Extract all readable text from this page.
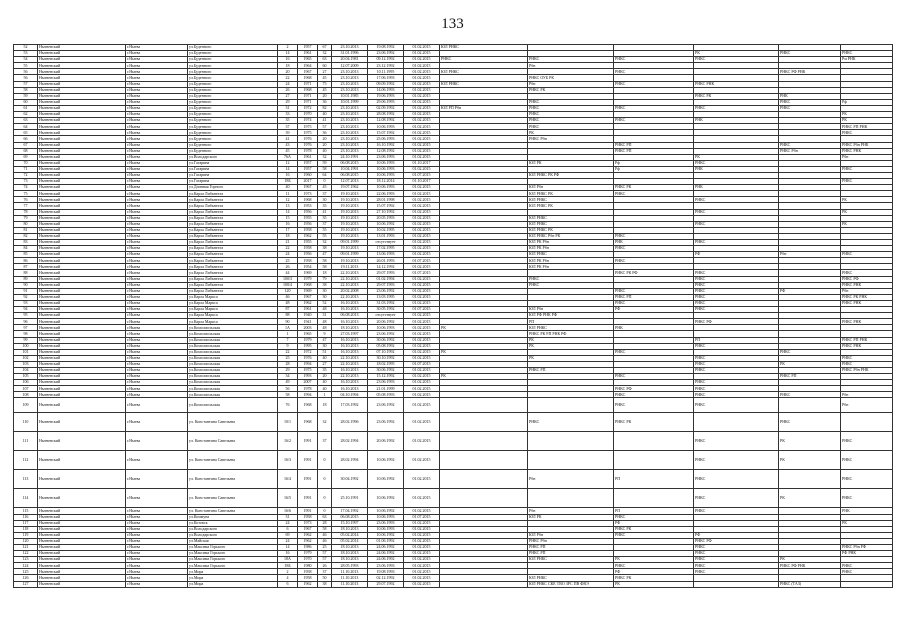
133
52	Нытвенский	г.Нытва	ул.Буденного	2	1957	67	23.10.2013	19.08.1992	01.02.2015	ЮЛ РНКС					
53	Нытвенский	г.Нытва	ул.Буденного	14	1961	32	31.01.1996	23.06.1992	01.02.2015				РК	РНКС	РНКС
54	Нытвенский	г.Нытва	ул.Буденного	16	1965	63	20.04.1981	09.12.1992	01.02.2015	РНКС	РНКС	РНКС	РНКС		Рм РНК
55	Нытвенский	г.Нытва	ул.Буденного	18	1964	60	12.07.2009	23.12.1992	01.02.2015		Рбн				
56	Нытвенский	г.Нытва	ул.Буденного	20	1967	27	23.10.2013	10.11.1995	01.02.2015	ЮЛ РНКС		РНКС		РНКС РФ РНК	
56	Нытвенский	г.Нытва	ул.Буденного	22	1968	45	23.10.2013	17.06.1993	01.02.2015		РНКС ОУБ РК				
57	Нытвенский	г.Нытва	ул.Буденного	24	1971	75	23.10.2013	09.09.1992	01.02.2015	ЮЛ РНКС	Рбн	РНКС	РНКС РНК		
58	Нытвенский	г.Нытва	ул.Буденного	26	1968	45	23.10.2013	14.06.1993	01.02.2015		РНКС РК				
59	Нытвенский	г.Нытва	ул.Буденного	27	1971	20	10.01.1985	19.06.1993	01.02.2015				РНКС РК	РНК	
60	Нытвенский	г.Нытва	ул.Буденного	29	1971	36	10.01.1999	29.06.1993	01.02.2015		РНКС			РНКС	Рф
61	Нытвенский	г.Нытва	ул.Буденного	31	1972	82	23.10.2013	02.09.1992	01.02.2015	ЮЛ РП Рбн	РНКС	РНКС	РНКС	РНКС	
62	Нытвенский	г.Нытва	ул.Буденного	33	1970	40	23.10.2013	28.08.1992	01.02.2015		РНКС				РК
63	Нытвенский	г.Нытва	ул.Буденного	35	1974	41	23.10.2013	12.08.1992	01.02.2015		РНКС	РНКС	РНК		РК
64	Нытвенский	г.Нытва	ул.Буденного	37	1975	57	23.10.2013	10.06.1993	01.02.2015		РНКС				РНКС РП РНК
65	Нытвенский	г.Нытва	ул.Буденного	39	1975	36	23.10.2013	15.07.1992	01.02.2015		РК				РНКС
66	Нытвенский	г.Нытва	ул.Буденного	41	1976	20	23.10.2013	25.06.1993	01.02.2015		РНКС Рбн				
67	Нытвенский	г.Нытва	ул.Буденного	43	1976	20	23.10.2013	16.10.1992	01.02.2015			РНКС РП		РНКС	РНКС Рбн РНК
68	Нытвенский	г.Нытва	ул.Буденного	45	1978	40	23.10.2013	12.08.1992	01.02.2015			РНКС РП		РНКС Рбн	РНКС РНК
69	Нытвенский	г.Нытва	ул.Володарского	76А	1961	32	24.10.1991	23.06.1993	01.02.2015				РК		Рбн
70	Нытвенский	г.Нытва	ул.Гагарина	12	1957	59	06.08.2015	10.06.1993	01.10.2017		ЮЛ РК	Рф	РНКС		
71	Нытвенский	г.Нытва	ул.Гагарина	14	1957	58	10.04.1991	10.06.1993	01.02.2015			Рф	РНК		РНКС
72	Нытвенский	г.Нытва	ул.Гагарина	16	1960	64	06.08.2015	10.06.1993	01.07.2015		ЮЛ РНКС РК РФ				
73	Нытвенский	г.Нытва	ул.Гагарина	18Б	2017	0	12.07.2013	18.12.2014	01.10.2017						РНКС
74	Нытвенский	г.Нытва	ул.Длинная Горного	40	1967	45	19.07.1962	10.06.1993	01.02.2015		ЮЛ Рбн	РНКС РК	РНК		
75	Нытвенский	г.Нытва	ул.Карла Либкнехта	11	1973	37	19.10.2013	22.06.1993	01.02.2015		ЮЛ РНКС РК	РНКС			
76	Нытвенский	г.Нытва	ул.Карла Либкнехта	12	1968	30	19.10.2013	28.01.1998	01.02.2015		ЮЛ РНКС		РНКС		РК
77	Нытвенский	г.Нытва	ул.Карла Либкнехта	13	1953	35	19.10.2013	15.07.1992	01.02.2015		ЮЛ РНКС РК				
78	Нытвенский	г.Нытва	ул.Карла Либкнехта	14	1956	41	19.10.2013	27.10.1992	01.02.2015				РНКС		РК
79	Нытвенский	г.Нытва	ул.Карла Либкнехта	15	1955	35	19.10.2013	20.05.1993	01.02.2015		ЮЛ РНКС				
80	Нытвенский	г.Нытва	ул.Карла Либкнехта	16	1956	37	19.10.2013	10.06.1992	01.02.2015		ЮЛ РНКС		РНКС		РК
81	Нытвенский	г.Нытва	ул.Карла Либкнехта	17	1958	55	19.10.2013	10.02.1995	01.02.2015		ЮЛ РНКС РК				
82	Нытвенский	г.Нытва	ул.Карла Либкнехта	18	1962	55	19.10.2013	13.01.1993	01.02.2015		ЮЛ РНКС Рбн РК	РНКС			
83	Нытвенский	г.Нытва	ул.Карла Либкнехта	21	1955	32	09.01.1999	отсутствует	01.02.2015		ЮЛ РК Рбн	РНК	РНКС		
84	Нытвенский	г.Нытва	ул.Карла Либкнехта	22	1958	38	19.10.2013	17.02.1995	01.02.2015		ЮЛ РК Рбн	РНКС			
85	Нытвенский	г.Нытва	ул.Карла Либкнехта	24	1956	47	09.01.1999	13.06.1993	01.02.2015		ЮЛ РНКС		РФ	Рбн	РНКС
86	Нытвенский	г.Нытва	ул.Карла Либкнехта	25	1958	58	19.10.2013	26.01.1993	01.07.2015		ЮЛ РК Рбн	РНКС			
87	Нытвенский	г.Нытва	ул.Карла Либкнехта	26	1954	58	19.11.2013	14.12.1992	01.02.2015		ЮЛ РК Рбн				
88	Нытвенский	г.Нытва	ул.Карла Либкнехта	44	1969	18	22.10.2013	29.07.1993	01.07.2015			РНКС РК РФ	РНКС		РНКС
89	Нытвенский	г.Нытва	ул.Карла Либкнехта	100/3	1979	79	22.10.2013	01.02.1994	01.02.2015		РНКС		РНКС		РНКС РФ
90	Нытвенский	г.Нытва	ул.Карла Либкнехта	100/4	1968	38	22.10.2013	29.07.1993	01.02.2015		РНКС		РНКС		РНКС РНК
91	Нытвенский	г.Нытва	ул.Карла Либкнехта	120	1969	30	20.02.2008	23.06.1992	01.02.2015			РНКС	РНКС	РФ	Рбн
92	Нытвенский	г.Нытва	ул.Карла Маркса	46	1967	30	22.10.2013	13.03.1995	01.02.2015			РНКС РП	РНКС		РНКС РК РНК
93	Нытвенский	г.Нытва	ул.Карла Маркса	48	1962	52	16.10.2013	31.03.1992	01.02.2015			РНКС	РНКС		РНКС РНК
94	Нытвенский	г.Нытва	ул.Карла Маркса	87	1961	48	16.10.2013	30.05.1992	01.07.2015		ЮЛ Рбн	РФ	РНКС		
95	Нытвенский	г.Нытва	ул.Карла Маркса	88	1940	31	06.08.2013	отсутствует	01.02.2015		ЮЛ РФ РНК РФ				
96	Нытвенский	г.Нытва	ул.Карла Маркса	90	1941	48	16.10.2013	20.06.1992	01.02.2015		РП		РНКС РФ		РНКС РНК
97	Нытвенский	г.Нытва	ул.Комсомольская	1А	2003	48	18.10.2013	10.06.1993	01.02.2015	РК	ЮЛ РНКС	РНК			
98	Нытвенский	г.Нытва	ул.Комсомольская	1	1965	9	27.03.1997	23.06.1992	01.02.2015		РНКС РК РП РНК РФ				
99	Нытвенский	г.Нытва	ул.Комсомольская	7	1979	47	16.10.2013	30.06.1992	01.02.2015		РК		РП		РНКС РП РНК
100	Нытвенский	г.Нытва	ул.Комсомольская	9	1995	30	16.10.2013	05.08.1992	01.02.2015		РК		РНКС		РНКС РНК
101	Нытвенский	г.Нытва	ул.Комсомольская	22	1972	51	16.10.2013	07.10.1992	01.02.2015	РК		РНКС		РНКС	
102	Нытвенский	г.Нытва	ул.Комсомольская	25	1976	40	22.10.2013	30.10.1992	01.02.2015		РК		РНКС		РНКС
103	Нытвенский	г.Нытва	ул.Комсомольская	28	1994	27	22.10.2013	18.02.1995	01.07.2015				РНКС	РК	РНКС
104	Нытвенский	г.Нытва	ул.Комсомольская	29	1975	35	16.10.2013	30.06.1992	01.02.2015		РНКС РП		РНКС		РНКС Рбн РНК
105	Нытвенский	г.Нытва	ул.Комсомольская	34	1993	20	22.10.2013	15.12.1992	01.02.2015	РК		РНКС		РНКС РП	
106	Нытвенский	г.Нытва	ул.Комсомольская	49	2007	40	16.10.2013	23.06.1993	01.02.2015				РНКС		
107	Нытвенский	г.Нытва	ул.Комсомольская	56	1978	40	16.10.2013	21.01.1999	01.02.2015			РНКС РФ	РНКС		
108	Нытвенский	г.Нытва	ул.Комсомольская	58	1994	1	04.10.1994	05.08.1993	01.02.2015			РНКС	РНКС	РНКС	Рбн
109	Нытвенский	г.Нытва	ул.Комсомольская	76	1968	18	17.03.1992	23.06.1992	01.02.2015			РНКС	РНКС		Рбн
110	Нытвенский	г.Нытва	ул. Константина Савельева	10/1	1968	32	28.02.1996	23.06.1992	01.02.2015		РНКС	РНКС РК		РНКС	
111	Нытвенский	г.Нытва	ул. Константина Савельева	16/2	1991	37	28.02.1994	20.06.1992	01.02.2015				РНКС	РК	РНКС
112	Нытвенский	г.Нытва	ул. Константина Савельева	16/3	1991	0	28.02.1994	10.06.1992	01.02.2015				РНКС	РК	РНКС
113	Нытвенский	г.Нытва	ул. Константина Савельева	16/4	1991	0	30.04.1992	10.06.1992	01.02.2015		Рбн	РП	РНКС		РНКС
114	Нытвенский	г.Нытва	ул. Константина Савельева	16/5	1991	0	25.10.1991	10.06.1992	01.02.2015				РНКС	РК	РНКС
115	Нытвенский	г.Нытва	ул. Константина Савельева	16/6	1991	0	17.04.1992	10.06.1992	01.02.2015		Рбн	РП	РНКС		РНК
116	Нытвенский	г.Нытва	ул.Коммуна	31	1958	63	06.08.2015	10.06.1993	01.07.2015		ЮЛ РК	РНКС			
117	Нытвенский	г.Нытва	ул.Котовск	24	1973	28	15.10.1997	23.06.1993	01.02.2015			РФ			РК
118	Нытвенский	г.Нытва	ул.Володарского	6	1967	58	18.10.2013	10.06.1993	01.02.2015			РНКС РК			
119	Нытвенский	г.Нытва	ул.Володарского	69	1962	46	05.02.2014	10.06.1992	01.02.2015		ЮЛ Рбн	РНКС	РФ		
120	Нытвенский	г.Нытва	ул.Майская	24	1962	46	05.02.2014	01.06.1992	01.02.2015		РНКС Рбн		РНКС РФ		
121	Нытвенский	г.Нытва	ул.Максима Горького	14	1986	25	18.10.2013	24.06.1992	01.02.2015		РНКС РП		РНКС		РНКС Рбн РФ
122	Нытвенский	г.Нытва	ул.Максима Горького	16	1979	57	18.10.2013	24.06.1992	01.02.2015		РНКС РП		РНКС		РФ РНК
123	Нытвенский	г.Нытва	ул.Максима Горького	18А	1970	57	18.10.2013	24.06.1992	01.02.2015		ЮЛ РНКС	РК	РНКС	РК	
124	Нытвенский	г.Нытва	ул.Максима Горького	18Б	1980	26	28.05.1993	23.06.1993	01.02.2015			РНКС	РНКС	РНКС РФ РНК	РНКС
125	Нытвенский	г.Нытва	ул.Мира	2	1958	37	11.10.2013	19.08.1993	01.02.2015			РФ	РНКС		РНКС
126	Нытвенский	г.Нытва	ул.Мира	4	1958	50	11.10.2013	02.12.1992	01.02.2015		ЮЛ РНКС	РНКС РК			
127	Нытвенский	г.Нытва	ул.Мира	6	1962	38	11.10.2013	29.07.1992	01.02.2015		ЮЛ РНКС СКЕ ТВО ЗРС ПВ ФВЭ	РК		РНКС (ТАЗ)	
